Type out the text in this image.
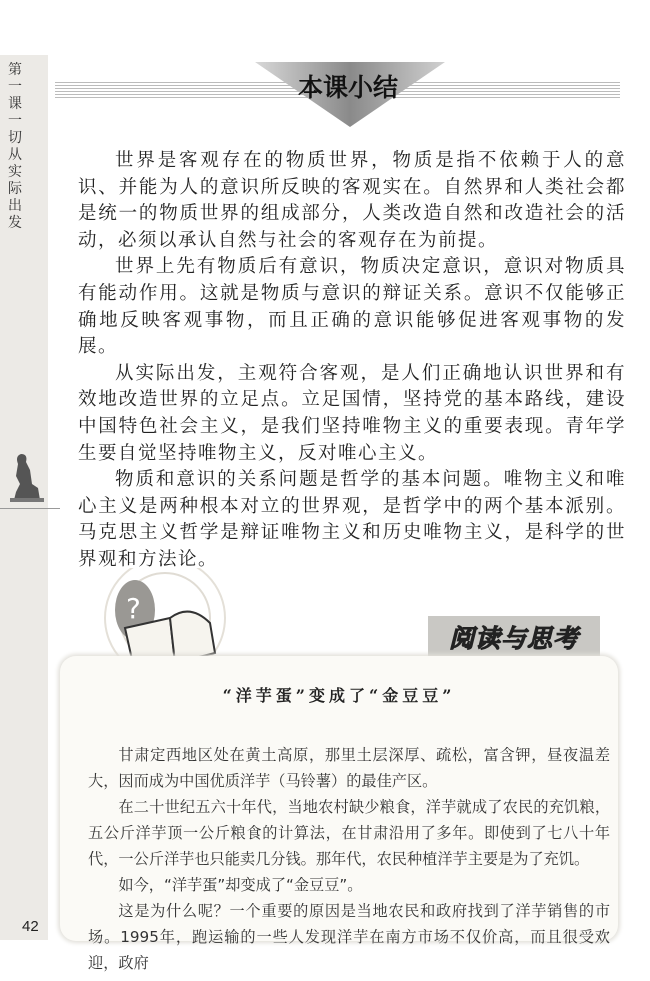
第一课 一切从实际出发
42
本课小结

世界是客观存在的物质世界，物质是指不依赖于人的意识、并能为人的意识所反映的客观实在。自然界和人类社会都是统一的物质世界的组成部分，人类改造自然和改造社会的活动，必须以承认自然与社会的客观存在为前提。

世界上先有物质后有意识，物质决定意识，意识对物质具有能动作用。这就是物质与意识的辩证关系。意识不仅能够正确地反映客观事物，而且正确的意识能够促进客观事物的发展。

从实际出发，主观符合客观，是人们正确地认识世界和有效地改造世界的立足点。立足国情，坚持党的基本路线，建设中国特色社会主义，是我们坚持唯物主义的重要表现。青年学生要自觉坚持唯物主义，反对唯心主义。

物质和意识的关系问题是哲学的基本问题。唯物主义和唯心主义是两种根本对立的世界观，是哲学中的两个基本派别。马克思主义哲学是辩证唯物主义和历史唯物主义，是科学的世界观和方法论。

?
阅读与思考
“洋芋蛋”变成了“金豆豆”

甘肃定西地区处在黄土高原，那里土层深厚、疏松，富含钾，昼夜温差大，因而成为中国优质洋芋（马铃薯）的最佳产区。

在二十世纪五六十年代，当地农村缺少粮食，洋芋就成了农民的充饥粮，五公斤洋芋顶一公斤粮食的计算法，在甘肃沿用了多年。即使到了七八十年代，一公斤洋芋也只能卖几分钱。那年代，农民种植洋芋主要是为了充饥。

如今，“洋芋蛋”却变成了“金豆豆”。

这是为什么呢？一个重要的原因是当地农民和政府找到了洋芋销售的市场。1995年，跑运输的一些人发现洋芋在南方市场不仅价高，而且很受欢迎，政府
